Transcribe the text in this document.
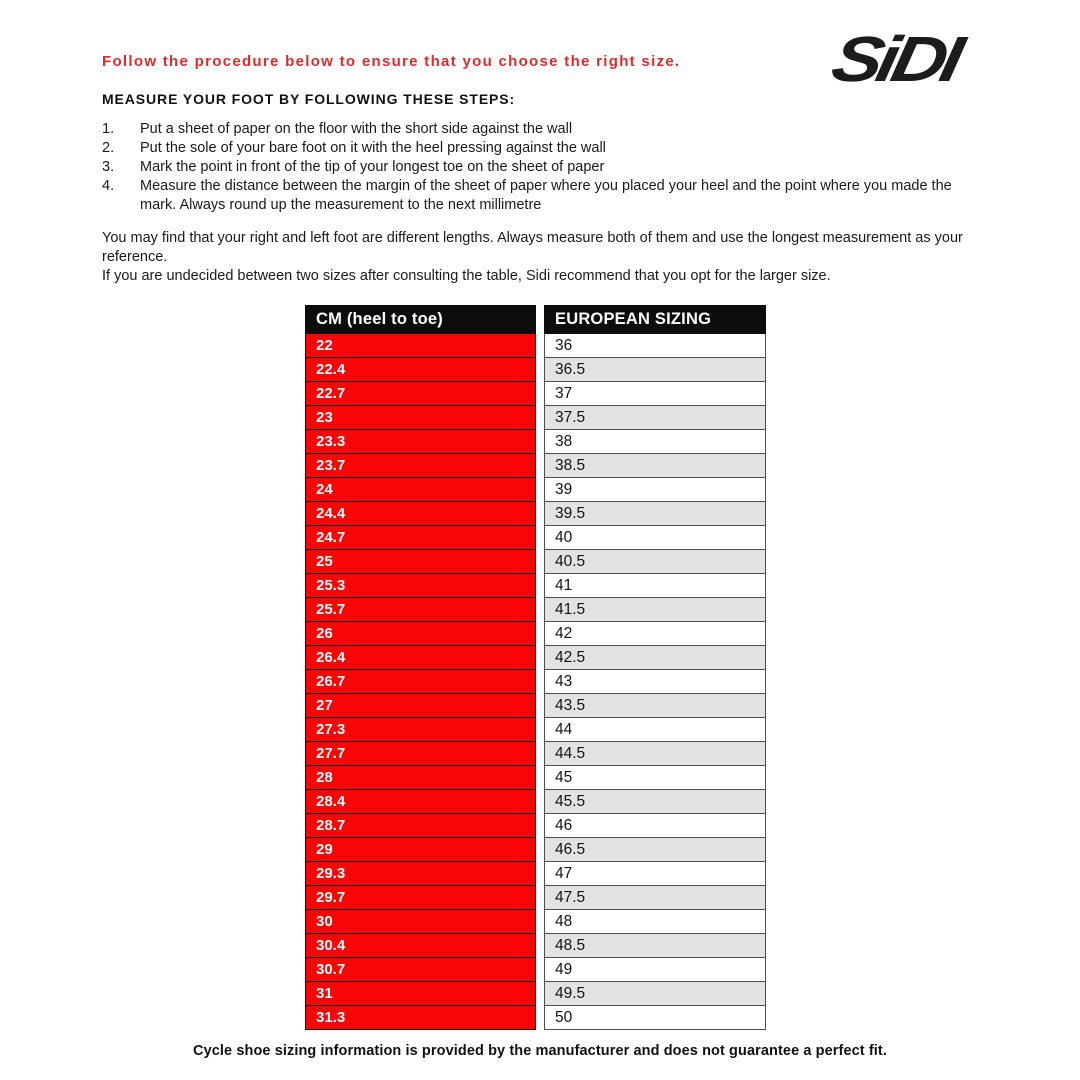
Follow the procedure below to ensure that you choose the right size.	SiDI
MEASURE YOUR FOOT BY FOLLOWING THESE STEPS:
1.	Put a sheet of paper on the floor with the short side against the wall
2.	Put the sole of your bare foot on it with the heel pressing against the wall
3.	Mark the point in front of the tip of your longest toe on the sheet of paper
4.	Measure the distance between the margin of the sheet of paper where you placed your heel and the point where you made the mark. Always round up the measurement to the next millimetre

You may find that your right and left foot are different lengths. Always measure both of them and use the longest measurement as your reference.

If you are undecided between two sizes after consulting the table, Sidi recommend that you opt for the larger size.

CM (heel to toe)		EUROPEAN SIZING
22		36
22.4		36.5
22.7		37
23		37.5
23.3		38
23.7		38.5
24		39
24.4		39.5
24.7		40
25		40.5
25.3		41
25.7		41.5
26		42
26.4		42.5
26.7		43
27		43.5
27.3		44
27.7		44.5
28		45
28.4		45.5
28.7		46
29		46.5
29.3		47
29.7		47.5
30		48
30.4		48.5
30.7		49
31		49.5
31.3		50
Cycle shoe sizing information is provided by the manufacturer and does not guarantee a perfect fit.
